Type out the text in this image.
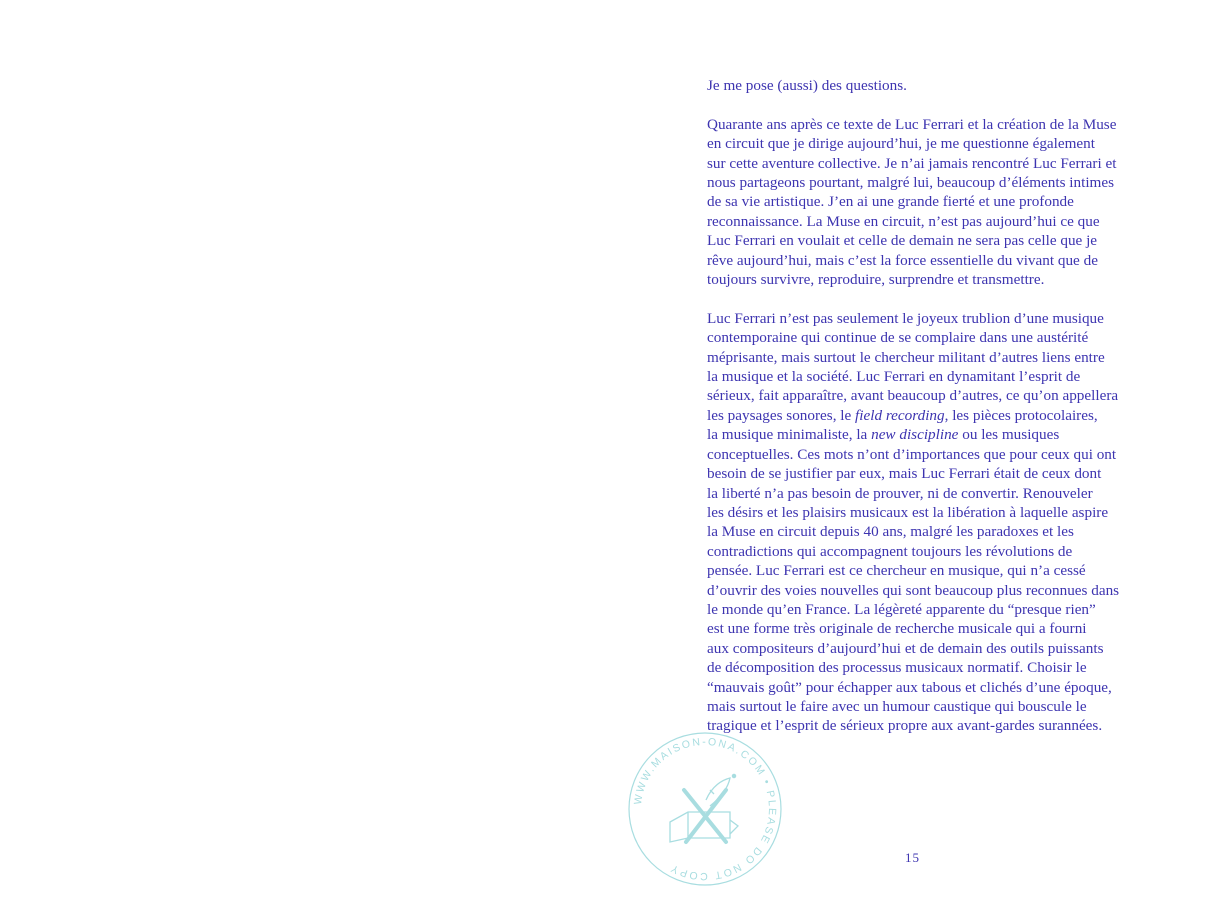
Je me pose (aussi) des questions.

Quarante ans après ce texte de Luc Ferrari et la création de la Muse
en circuit que je dirige aujourd’hui, je me questionne également
sur cette aventure collective. Je n’ai jamais rencontré Luc Ferrari et
nous partageons pourtant, malgré lui, beaucoup d’éléments intimes
de sa vie artistique. J’en ai une grande fierté et une profonde
reconnaissance. La Muse en circuit, n’est pas aujourd’hui ce que
Luc Ferrari en voulait et celle de demain ne sera pas celle que je
rêve aujourd’hui, mais c’est la force essentielle du vivant que de
toujours survivre, reproduire, surprendre et transmettre.

Luc Ferrari n’est pas seulement le joyeux trublion d’une musique
contemporaine qui continue de se complaire dans une austérité
méprisante, mais surtout le chercheur militant d’autres liens entre
la musique et la société. Luc Ferrari en dynamitant l’esprit de
sérieux, fait apparaître, avant beaucoup d’autres, ce qu’on appellera
les paysages sonores, le field recording, les pièces protocolaires,
la musique minimaliste, la new discipline ou les musiques
conceptuelles. Ces mots n’ont d’importances que pour ceux qui ont
besoin de se justifier par eux, mais Luc Ferrari était de ceux dont
la liberté n’a pas besoin de prouver, ni de convertir. Renouveler
les désirs et les plaisirs musicaux est la libération à laquelle aspire
la Muse en circuit depuis 40 ans, malgré les paradoxes et les
contradictions qui accompagnent toujours les révolutions de
pensée. Luc Ferrari est ce chercheur en musique, qui n’a cessé
d’ouvrir des voies nouvelles qui sont beaucoup plus reconnues dans
le monde qu’en France. La légèreté apparente du “presque rien”
est une forme très originale de recherche musicale qui a fourni
aux compositeurs d’aujourd’hui et de demain des outils puissants
de décomposition des processus musicaux normatif. Choisir le
“mauvais goût” pour échapper aux tabous et clichés d’une époque,
mais surtout le faire avec un humour caustique qui bouscule le
tragique et l’esprit de sérieux propre aux avant-gardes surannées.

15
WWW.MAISON-ONA.COM • PLEASE DO NOT COPY
